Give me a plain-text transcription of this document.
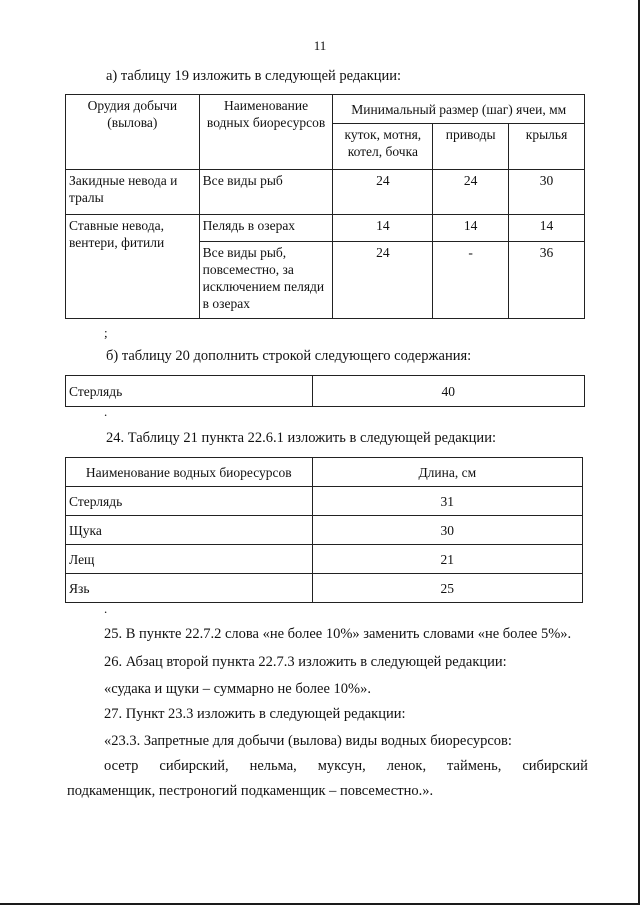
11
а) таблицу 19 изложить в следующей редакции:
Орудия добычи (вылова)	Наименование водных биоресурсов	Минимальный размер (шаг) ячеи, мм		
		куток, мотня, котел, бочка	приводы	крылья
Закидные невода и тралы	Все виды рыб	24	24	30
Ставные невода, вентери, фитили	Пелядь в озерах	14	14	14
	Все виды рыб, повсеместно, за исключением пеляди в озерах	24	-	36
;
б) таблицу 20 дополнить строкой следующего содержания:
Стерлядь	40
.
24. Таблицу 21 пункта 22.6.1 изложить в следующей редакции:
Наименование водных биоресурсов	Длина, см
Стерлядь	31
Щука	30
Лещ	21
Язь	25
.
25. В пункте 22.7.2 слова «не более 10%» заменить словами «не более 5%».
26. Абзац второй пункта 22.7.3 изложить в следующей редакции:
«судака и щуки – суммарно не более 10%».
27. Пункт 23.3 изложить в следующей редакции:
«23.3. Запретные для добычи (вылова) виды водных биоресурсов:
осетр сибирский, нельма, муксун, ленок, таймень, сибирский
подкаменщик, пестроногий подкаменщик – повсеместно.».
